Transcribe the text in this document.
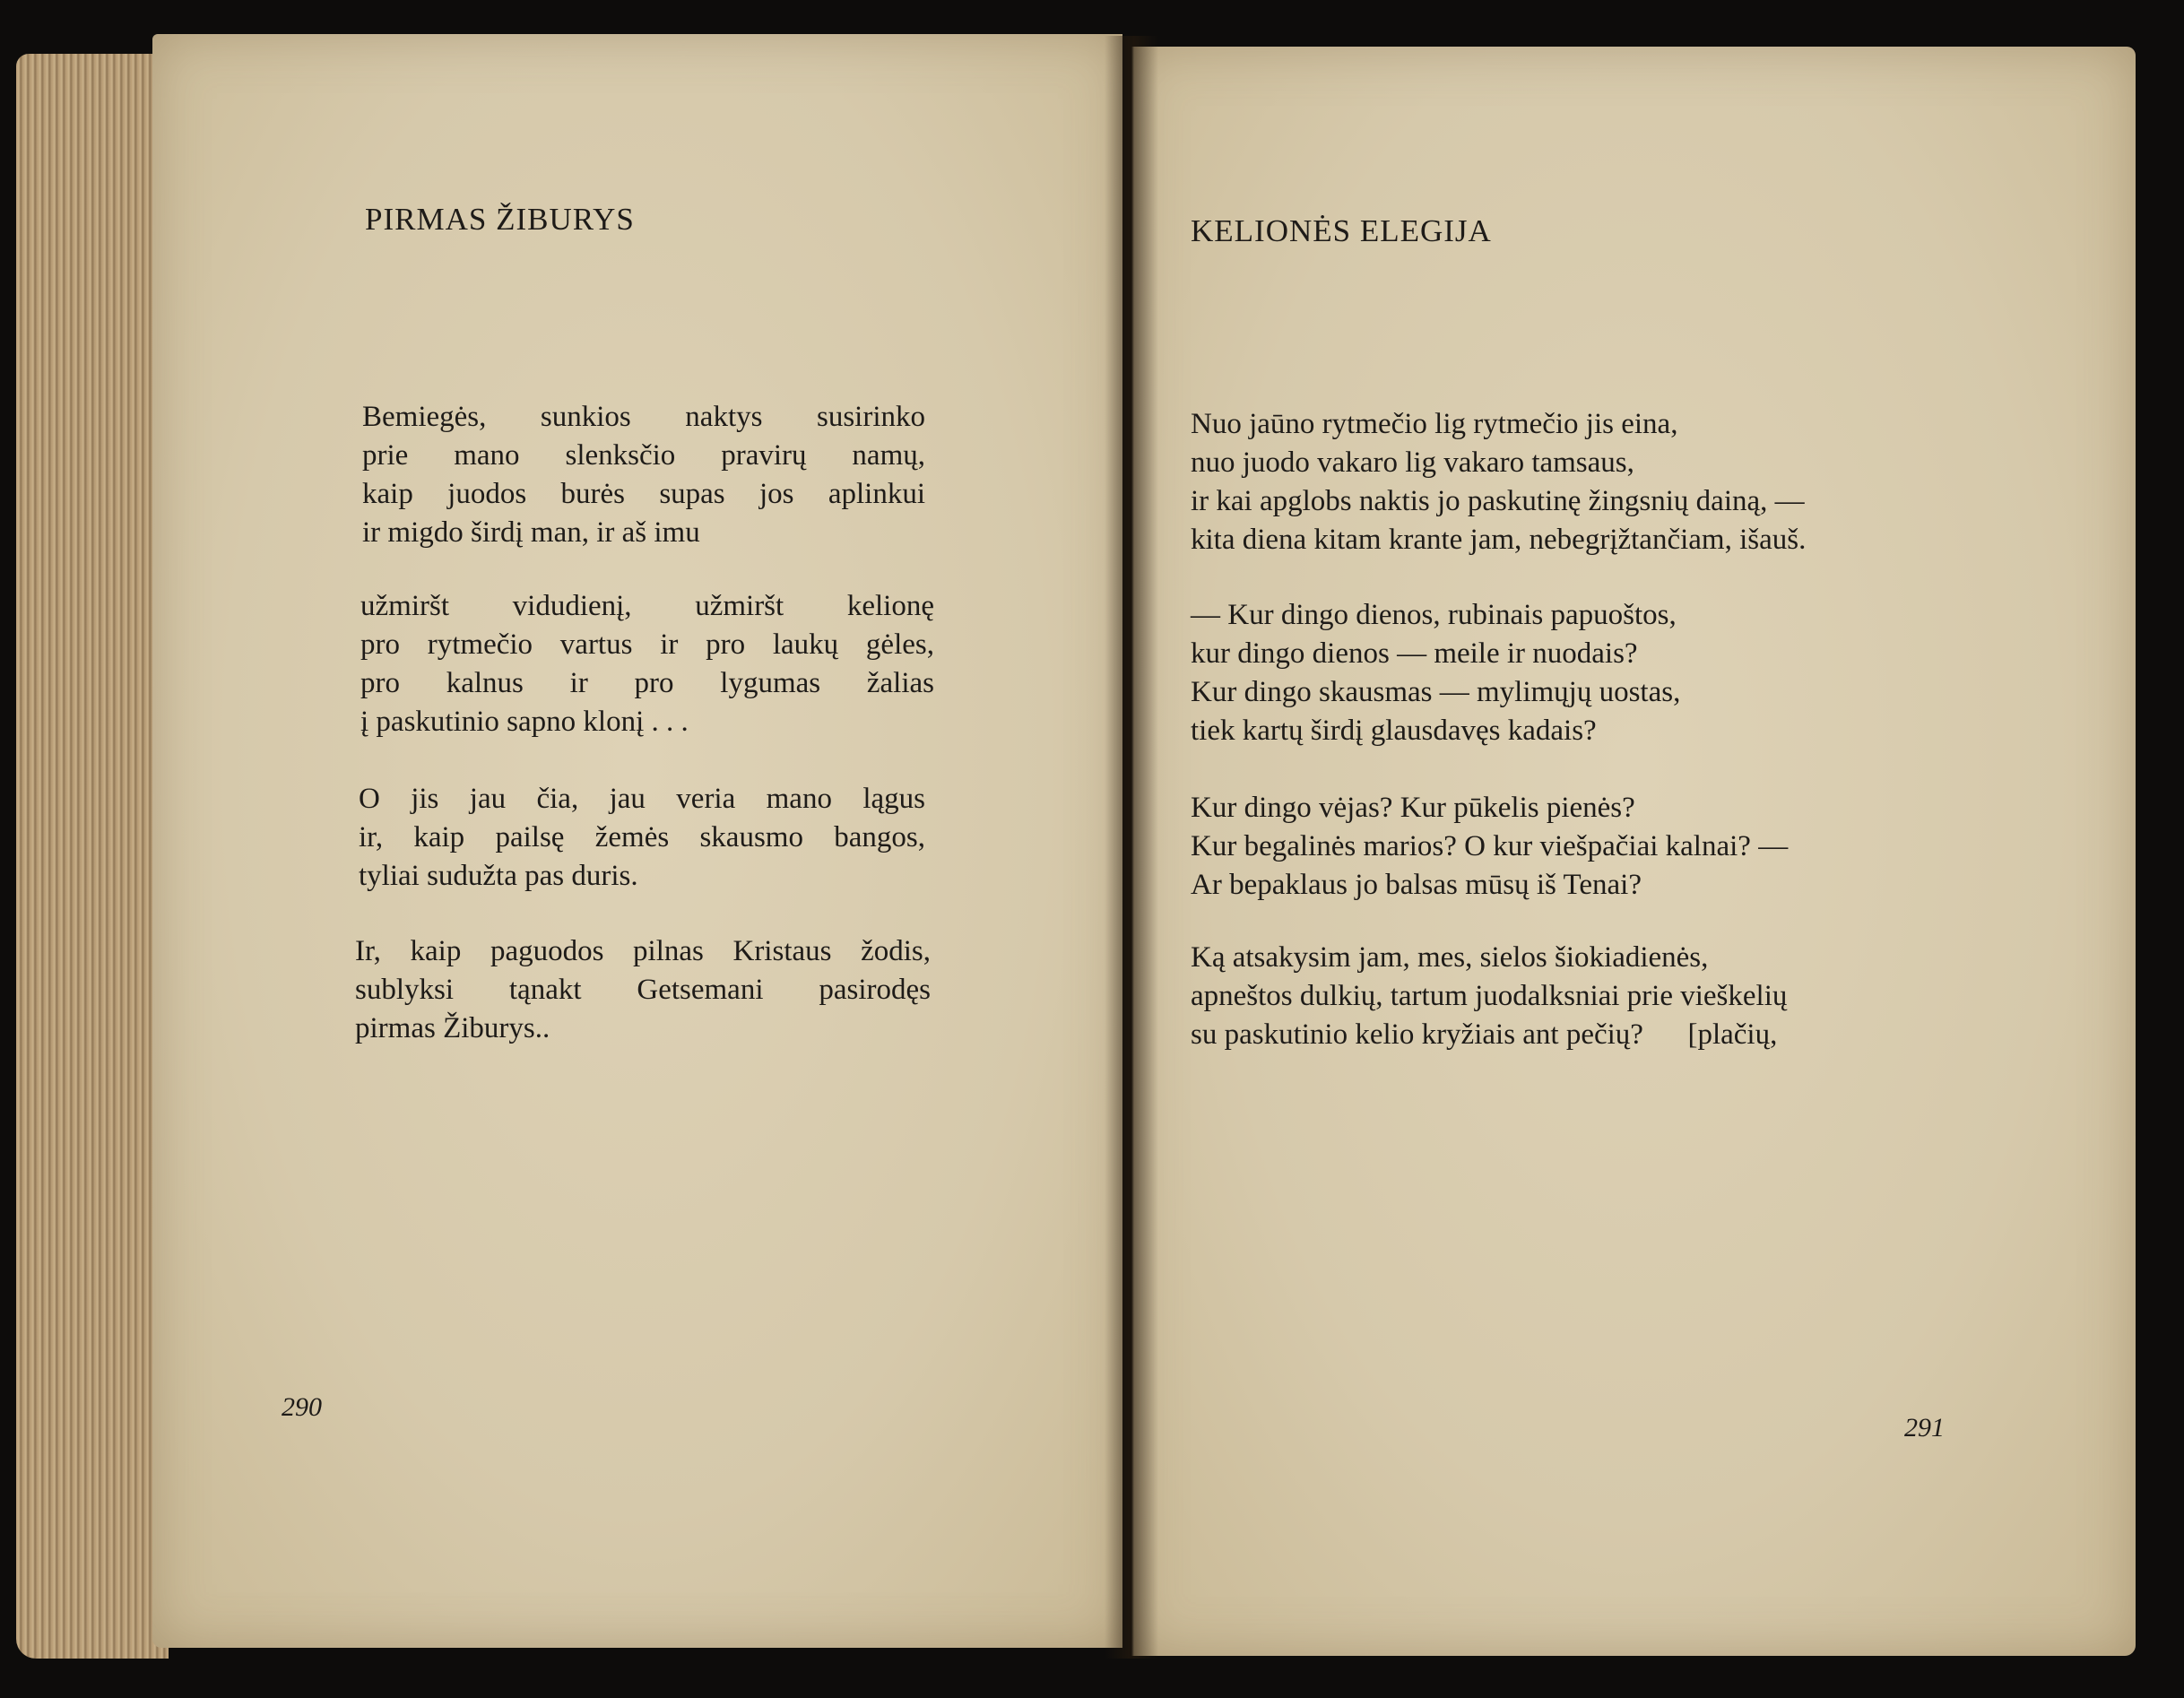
PIRMAS ŽIBURYS
Bemiegės, sunkios naktys susirinko
prie mano slenksčio pravirų namų,
kaip juodos burės supas jos aplinkui
ir migdo širdį man, ir aš imu
užmiršt vidudienį, užmiršt kelionę
pro rytmečio vartus ir pro laukų gėles,
pro kalnus ir pro lygumas žalias
į paskutinio sapno klonį . . .
O jis jau čia, jau veria mano lągus
ir, kaip pailsę žemės skausmo bangos,
tyliai sudužta pas duris.
Ir, kaip paguodos pilnas Kristaus žodis,
sublyksi tąnakt Getsemani pasirodęs
pirmas Žiburys..
290
KELIONĖS ELEGIJA
Nuo jaūno rytmečio lig rytmečio jis eina,
nuo juodo vakaro lig vakaro tamsaus,
ir kai apglobs naktis jo paskutinę žingsnių dainą, —
kita diena kitam krante jam, nebegrįžtančiam, išauš.
— Kur dingo dienos, rubinais papuoštos,
kur dingo dienos — meile ir nuodais?
Kur dingo skausmas — mylimųjų uostas,
tiek kartų širdį glausdavęs kadais?
Kur dingo vėjas? Kur pūkelis pienės?
Kur begalinės marios? O kur viešpačiai kalnai? —
Ar bepaklaus jo balsas mūsų iš Tenai?
Ką atsakysim jam, mes, sielos šiokiadienės,
apneštos dulkių, tartum juodalksniai prie vieškelių
su paskutinio kelio kryžiais ant pečių?      [plačių,
291
